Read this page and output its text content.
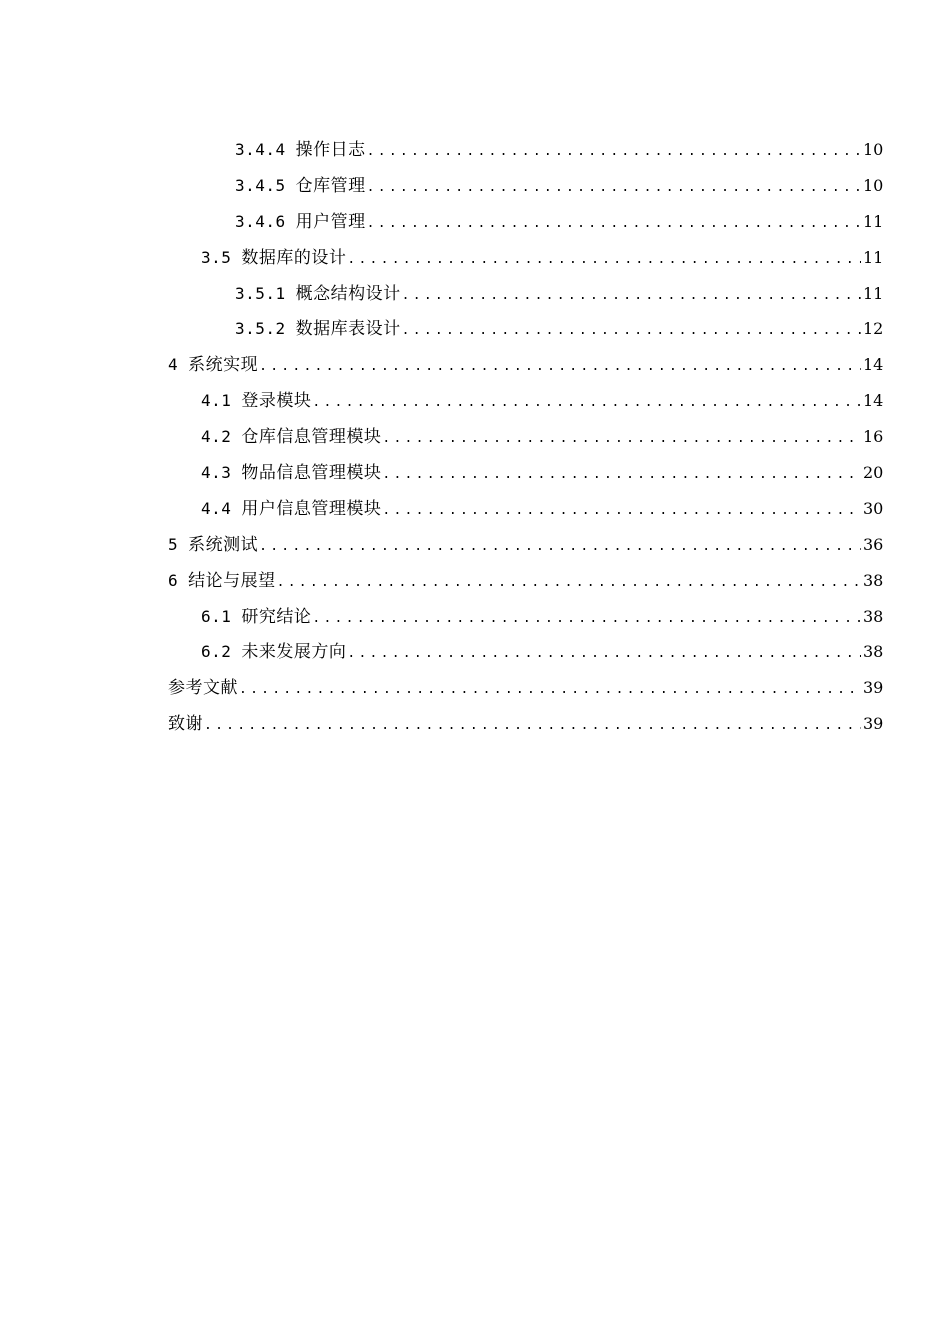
3.4.4 操作日志 .....	10
3.4.5 仓库管理 .....	10
3.4.6 用户管理 .....	11
3.5 数据库的设计 .....	11
3.5.1 概念结构设计 .....	11
3.5.2 数据库表设计 .....	12
4 系统实现 .....	14
4.1 登录模块 .....	14
4.2 仓库信息管理模块 .....	16
4.3 物品信息管理模块 .....	20
4.4 用户信息管理模块 .....	30
5 系统测试 .....	36
6 结论与展望 .....	38
6.1 研究结论 .....	38
6.2 未来发展方向 .....	38
参考文献 .....	39
致谢 .....	39
